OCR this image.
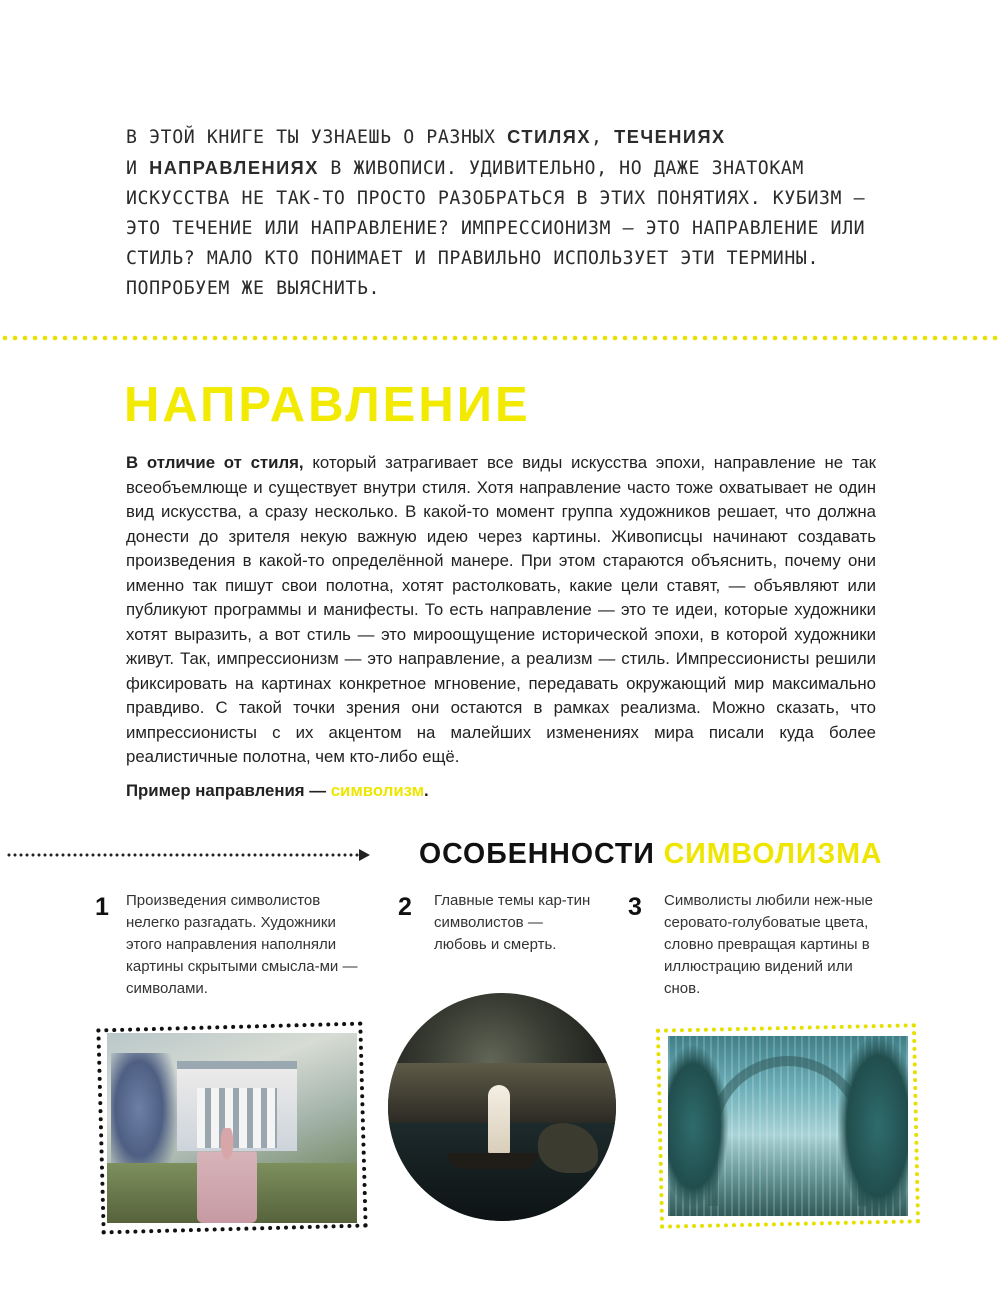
В ЭТОЙ КНИГЕ ТЫ УЗНАЕШЬ О РАЗНЫХ СТИЛЯХ, ТЕЧЕНИЯХ
И НАПРАВЛЕНИЯХ В ЖИВОПИСИ. УДИВИТЕЛЬНО, НО ДАЖЕ ЗНАТОКАМ ИСКУССТВА НЕ ТАК-ТО ПРОСТО РАЗОБРАТЬСЯ В ЭТИХ ПОНЯТИЯХ. КУБИЗМ — ЭТО ТЕЧЕНИЕ ИЛИ НАПРАВЛЕНИЕ? ИМПРЕССИОНИЗМ — ЭТО НАПРАВЛЕНИЕ ИЛИ СТИЛЬ? МАЛО КТО ПОНИМАЕТ И ПРАВИЛЬНО ИСПОЛЬЗУЕТ ЭТИ ТЕРМИНЫ. ПОПРОБУЕМ ЖЕ ВЫЯСНИТЬ.
НАПРАВЛЕНИЕ

В отличие от стиля, который затрагивает все виды искусства эпохи, направление не так всеобъемлюще и существует внутри стиля. Хотя направление часто тоже охватывает не один вид искусства, а сразу несколько. В какой-то момент группа художников решает, что должна донести до зрителя некую важную идею через картины. Живописцы начинают создавать произведения в какой-то определённой манере. При этом стараются объяснить, почему они именно так пишут свои полотна, хотят растолковать, какие цели ставят, — объявляют или публикуют программы и манифесты. То есть направление — это те идеи, которые художники хотят выразить, а вот стиль — это мироощущение исторической эпохи, в которой художники живут. Так, импрессионизм — это направление, а реализм — стиль. Импрессионисты решили фиксировать на картинах конкретное мгновение, передавать окружающий мир максимально правдиво. С такой точки зрения они остаются в рамках реализма. Можно сказать, что импрессионисты с их акцентом на малейших изменениях мира писали куда более реалистичные полотна, чем кто-либо ещё.

Пример направления — символизм.

ОСОБЕННОСТИ СИМВОЛИЗМА
1 Произведения символистов нелегко разгадать. Художники этого направления наполняли картины скрытыми смысла-ми — символами.
2 Главные темы кар-тин символистов — любовь и смерть.
3 Символисты любили неж-ные серовато-голубоватые цвета, словно превращая картины в иллюстрацию видений или снов.
